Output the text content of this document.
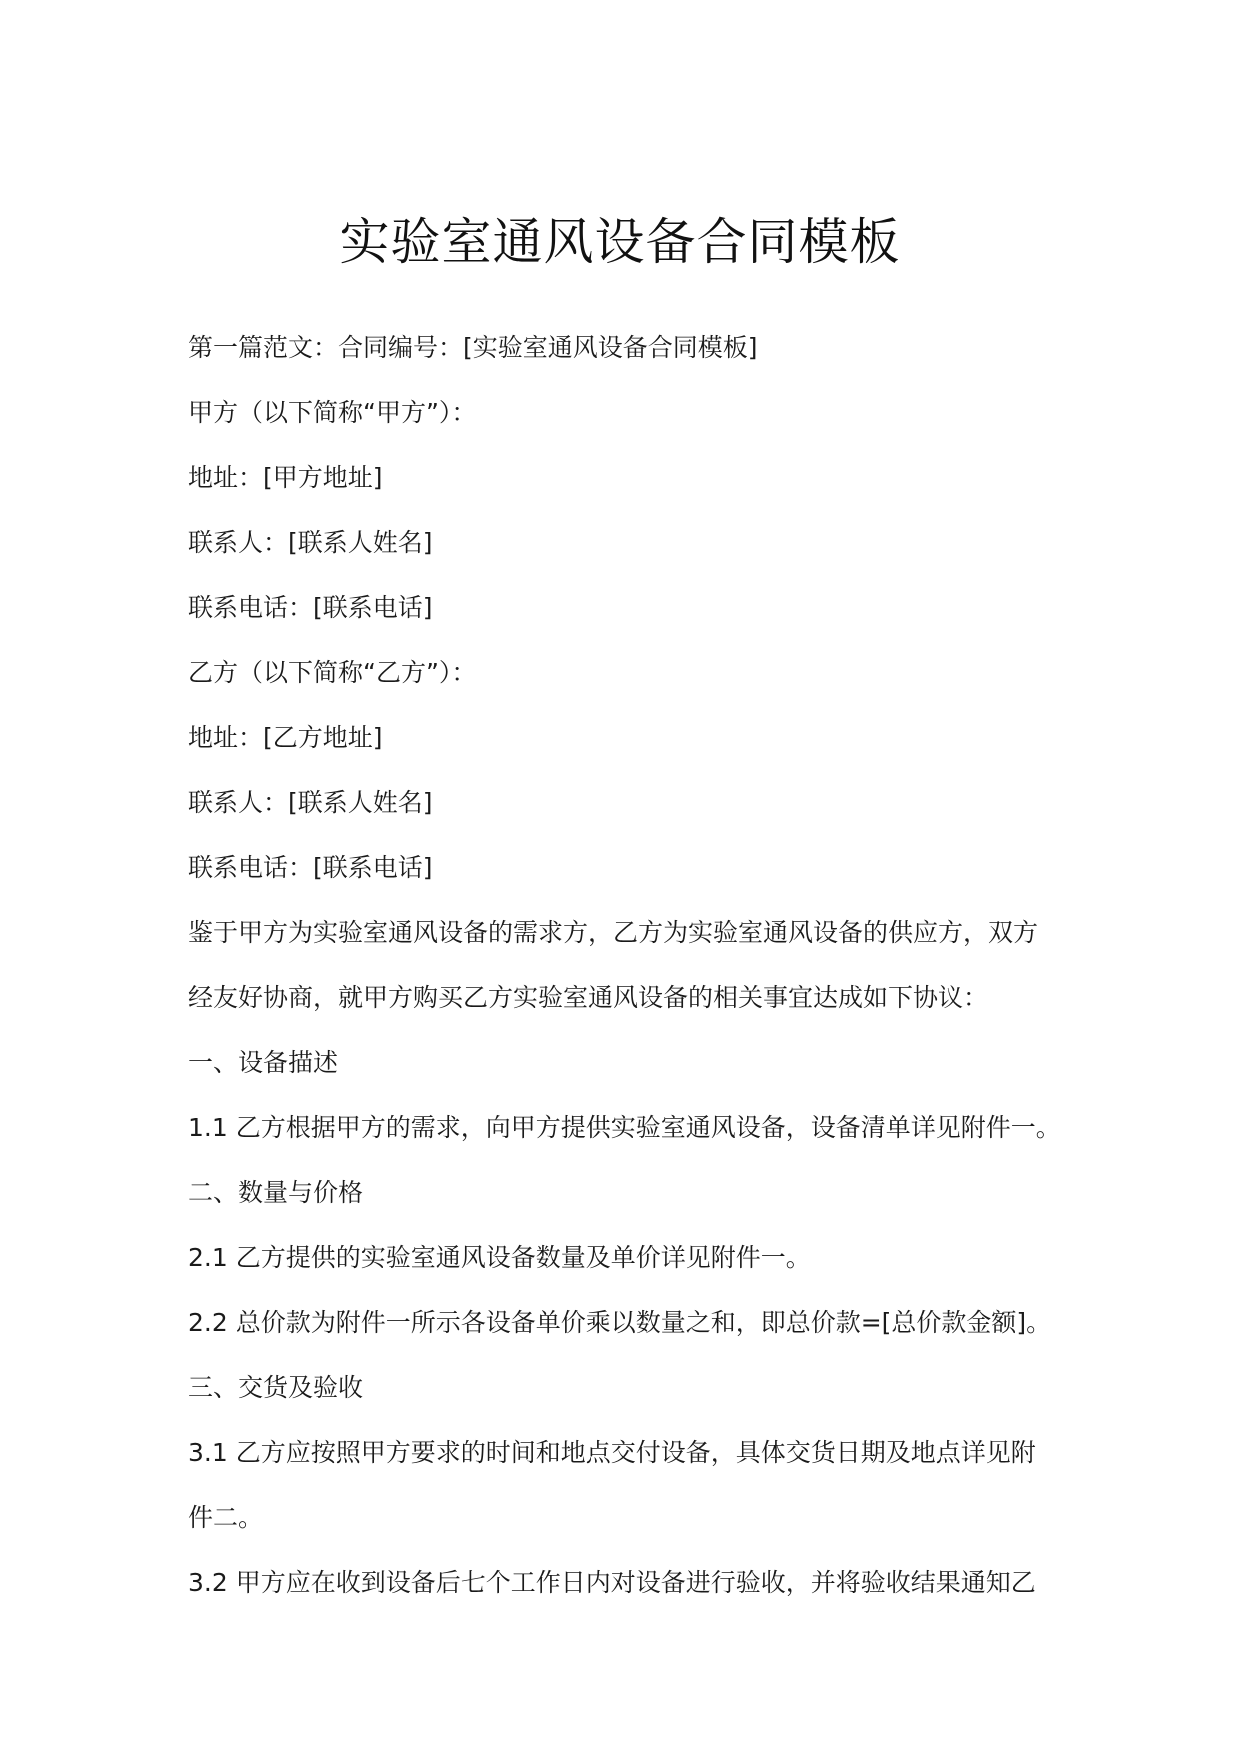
实验室通风设备合同模板

第一篇范文：合同编号：[实验室通风设备合同模板]

甲方（以下简称“甲方”）：

地址：[甲方地址]

联系人：[联系人姓名]

联系电话：[联系电话]

乙方（以下简称“乙方”）：

地址：[乙方地址]

联系人：[联系人姓名]

联系电话：[联系电话]

鉴于甲方为实验室通风设备的需求方，乙方为实验室通风设备的供应方，双方

经友好协商，就甲方购买乙方实验室通风设备的相关事宜达成如下协议：

一、设备描述

1.1 乙方根据甲方的需求，向甲方提供实验室通风设备，设备清单详见附件一。

二、数量与价格

2.1 乙方提供的实验室通风设备数量及单价详见附件一。

2.2 总价款为附件一所示各设备单价乘以数量之和，即总价款=[总价款金额]。

三、交货及验收

3.1 乙方应按照甲方要求的时间和地点交付设备，具体交货日期及地点详见附

件二。

3.2 甲方应在收到设备后七个工作日内对设备进行验收，并将验收结果通知乙
